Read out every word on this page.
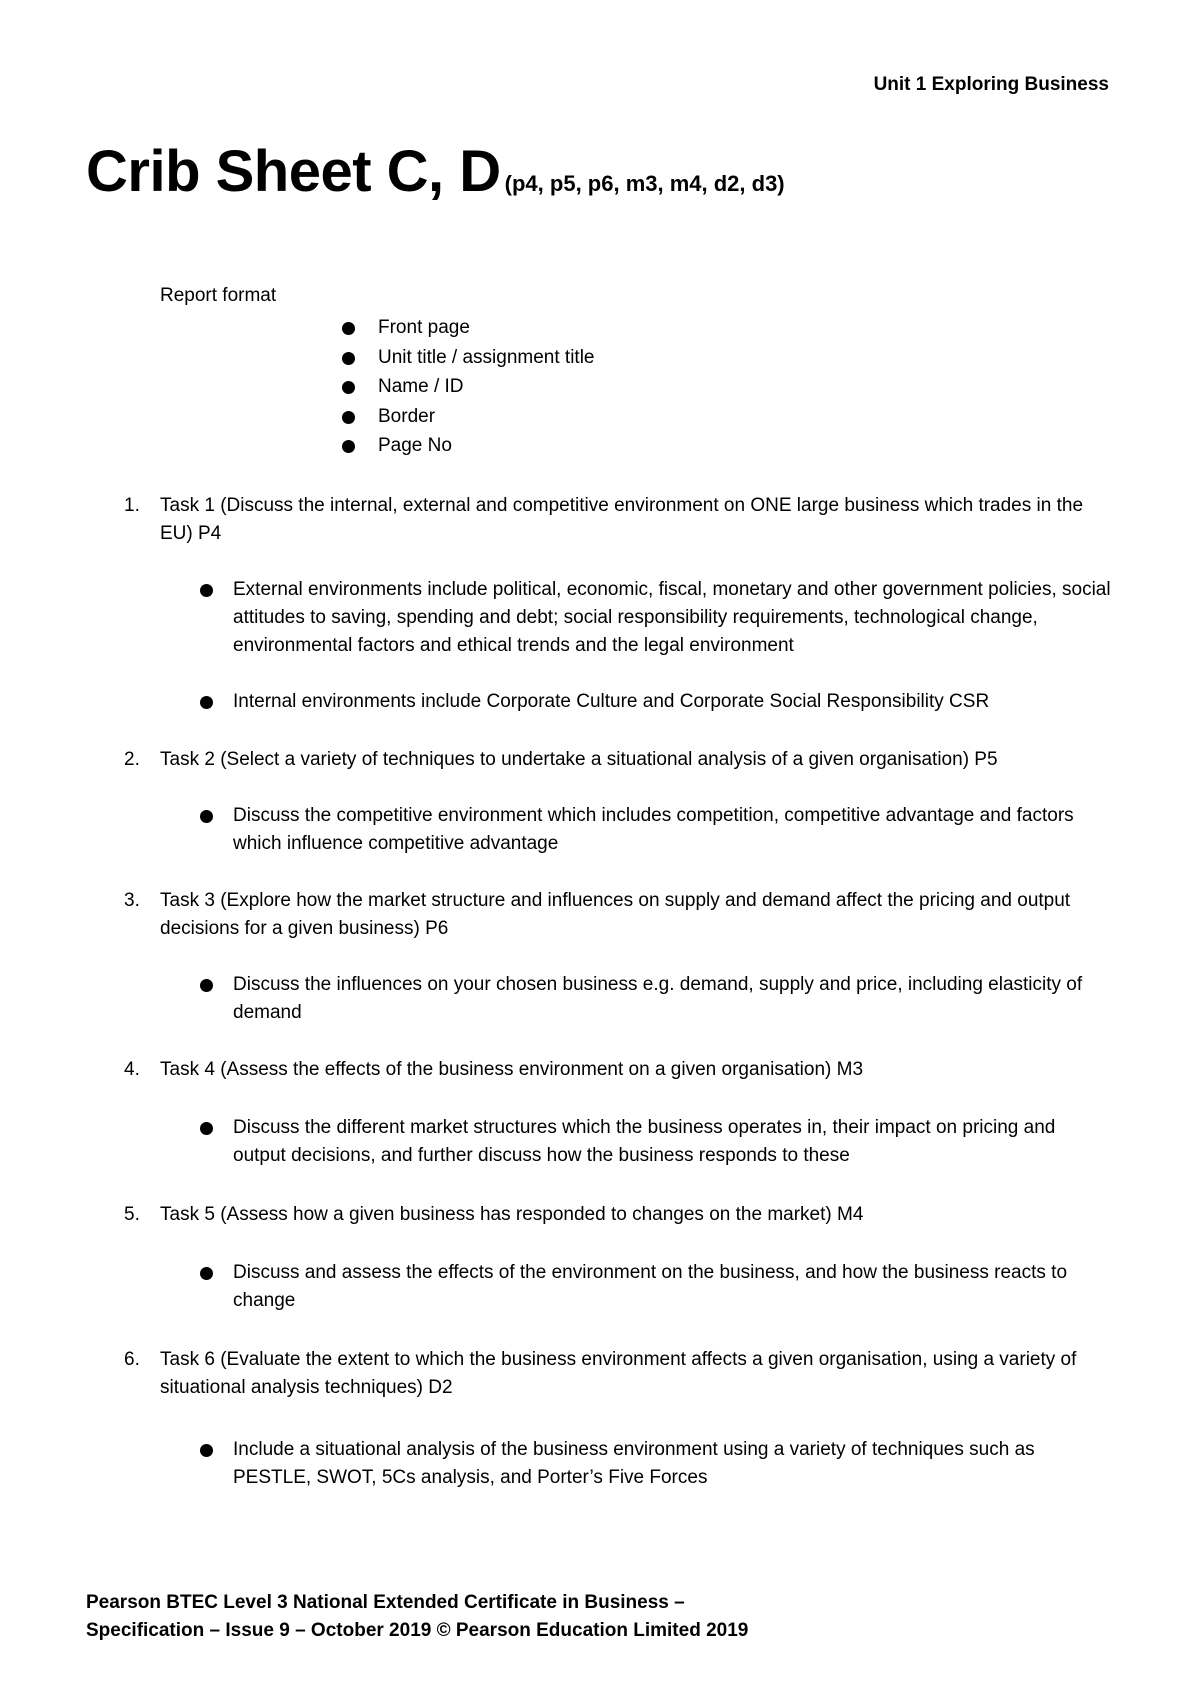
Unit 1 Exploring Business
Crib Sheet C, D (p4, p5, p6, m3, m4, d2, d3)
Report format
Front page
Unit title / assignment title
Name / ID
Border
Page No
1. Task 1 (Discuss the internal, external and competitive environment on ONE large business which trades in the EU) P4
External environments include political, economic, fiscal, monetary and other government policies, social attitudes to saving, spending and debt; social responsibility requirements, technological change, environmental factors and ethical trends and the legal environment
Internal environments include Corporate Culture and Corporate Social Responsibility CSR
2. Task 2 (Select a variety of techniques to undertake a situational analysis of a given organisation) P5
Discuss the competitive environment which includes competition, competitive advantage and factors which influence competitive advantage
3. Task 3 (Explore how the market structure and influences on supply and demand affect the pricing and output decisions for a given business) P6
Discuss the influences on your chosen business e.g. demand, supply and price, including elasticity of demand
4. Task 4 (Assess the effects of the business environment on a given organisation) M3
Discuss the different market structures which the business operates in, their impact on pricing and output decisions, and further discuss how the business responds to these
5. Task 5 (Assess how a given business has responded to changes on the market) M4
Discuss and assess the effects of the environment on the business, and how the business reacts to change
6. Task 6 (Evaluate the extent to which the business environment affects a given organisation, using a variety of situational analysis techniques) D2
Include a situational analysis of the business environment using a variety of techniques such as PESTLE, SWOT, 5Cs analysis, and Porter’s Five Forces
Pearson BTEC Level 3 National Extended Certificate in Business –
Specification – Issue 9 – October 2019 © Pearson Education Limited 2019
